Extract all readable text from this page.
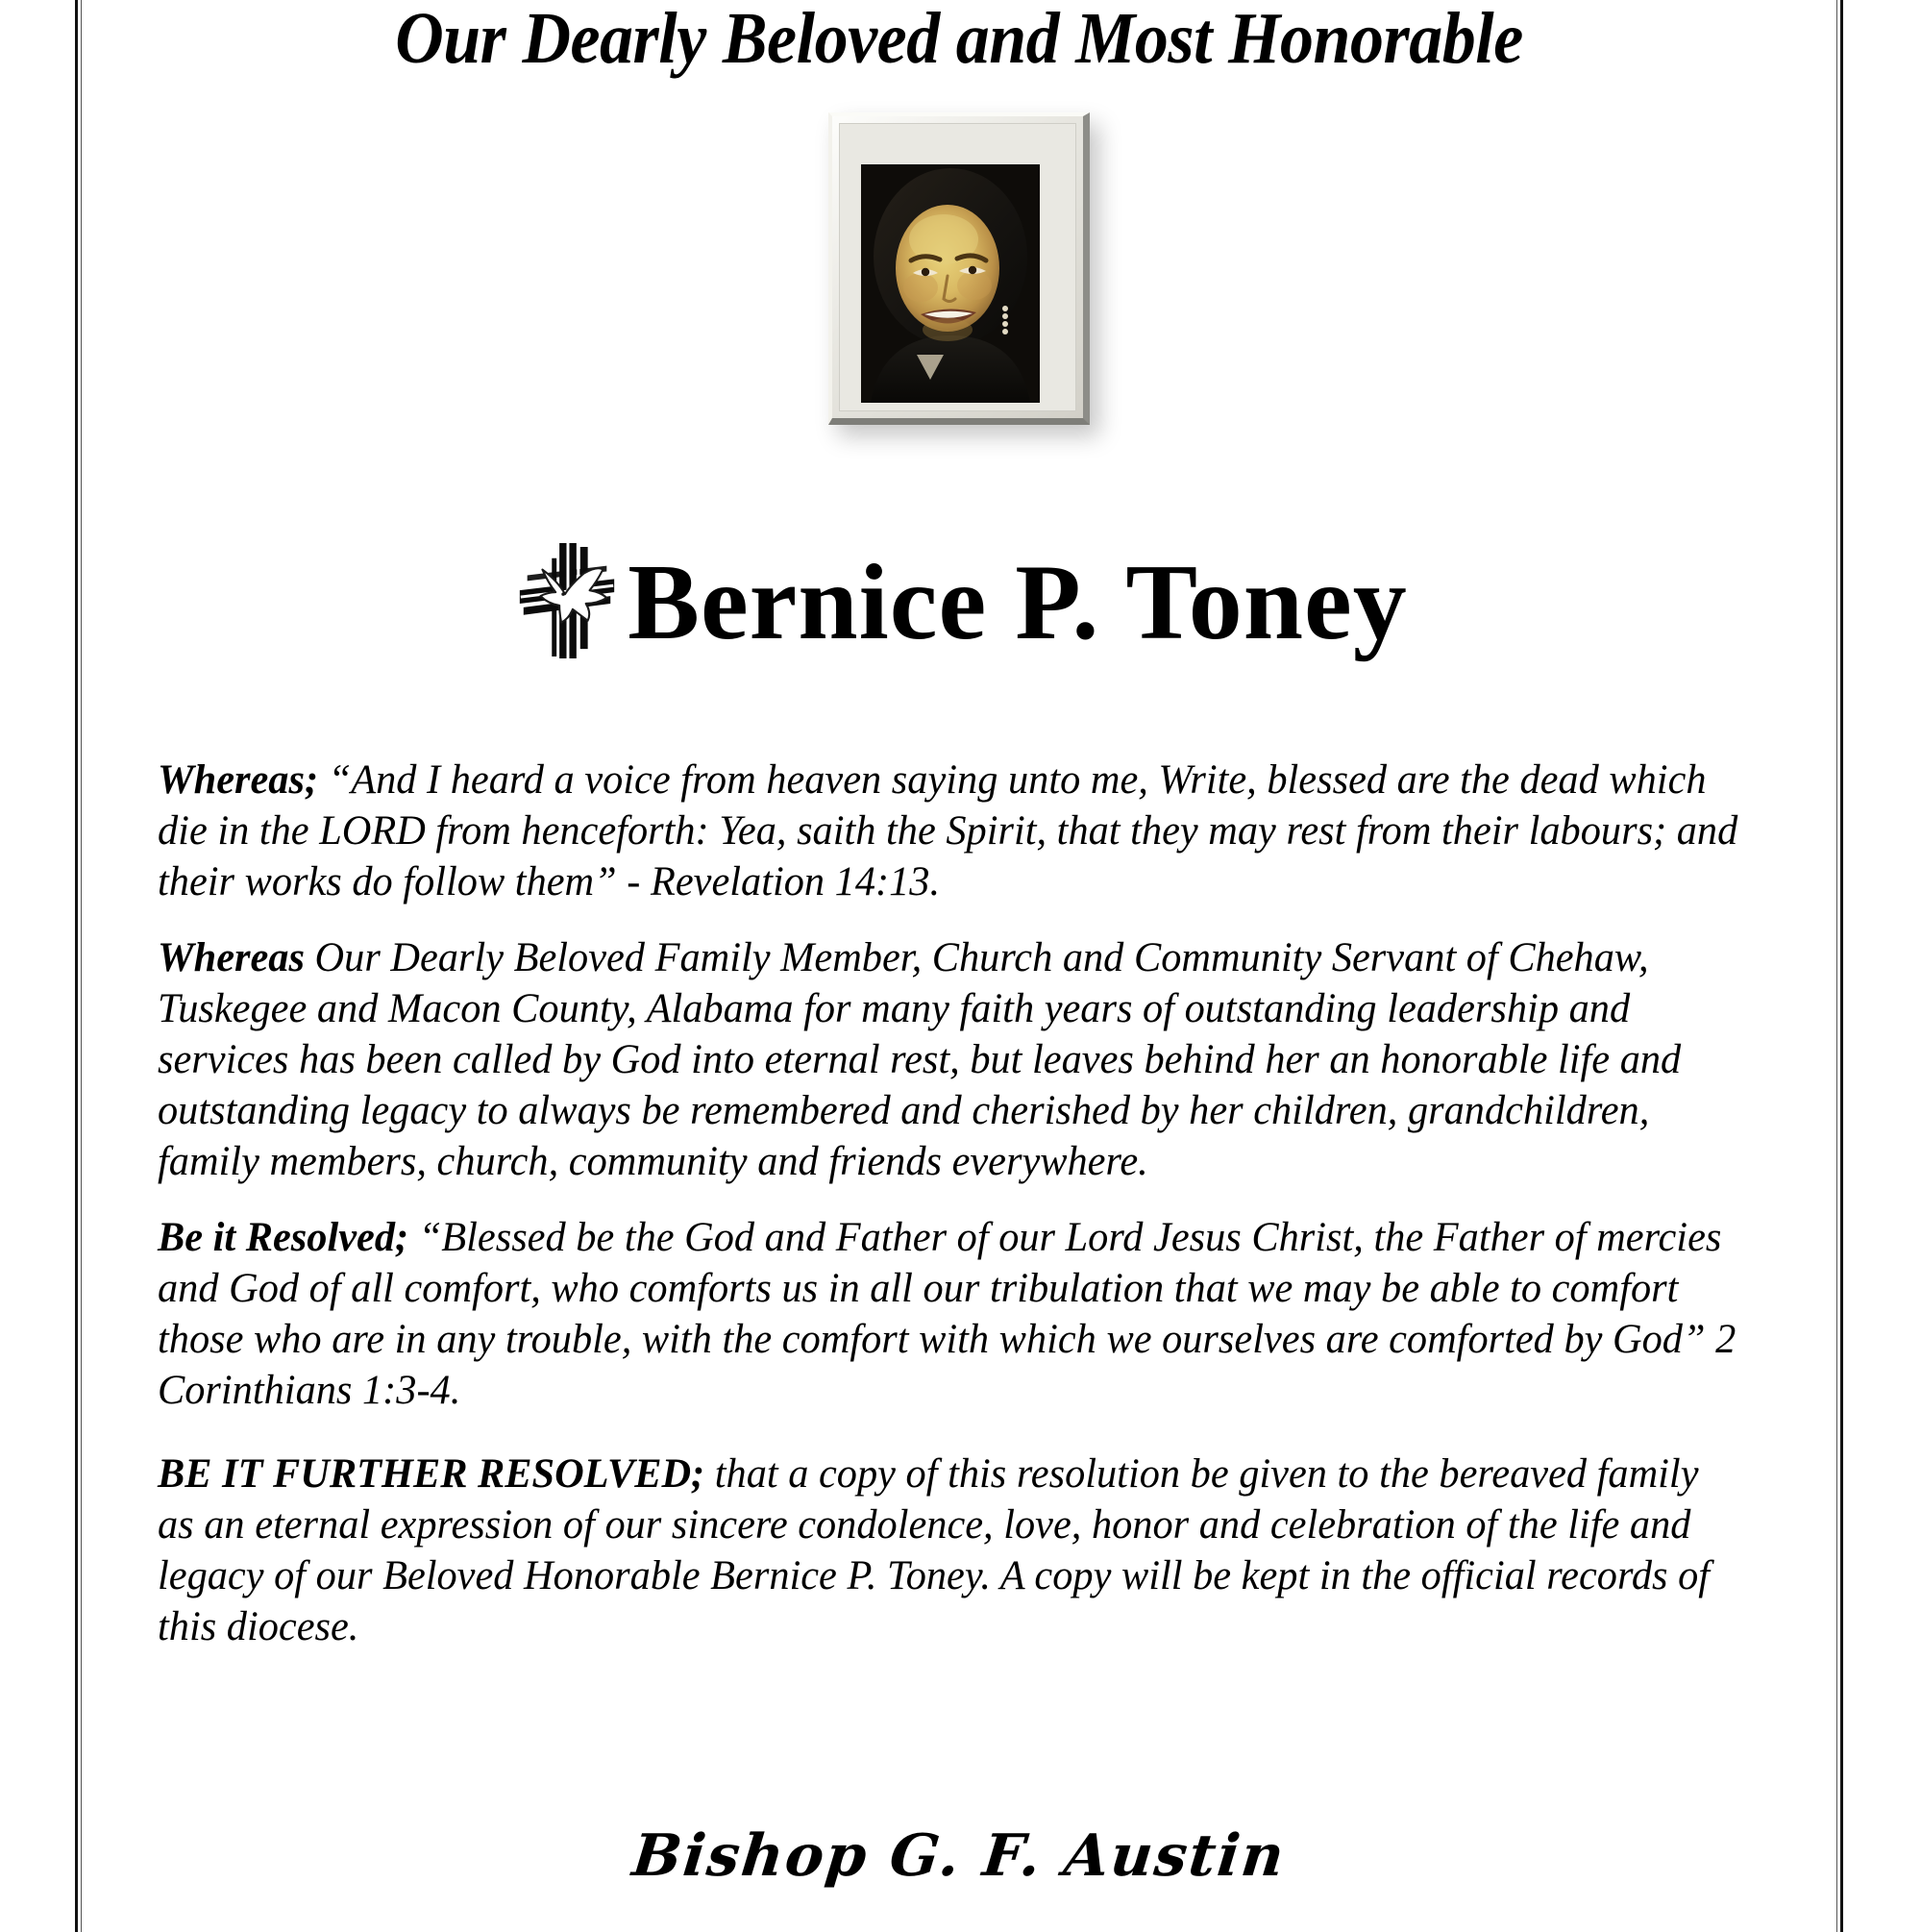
Our Dearly Beloved and Most Honorable
Bernice P. Toney

Whereas; “And I heard a voice from heaven saying unto me, Write, blessed are the dead which die in the LORD from henceforth: Yea, saith the Spirit, that they may rest from their labours; and their works do follow them” - Revelation 14:13.

Whereas Our Dearly Beloved Family Member, Church and Community Servant of Chehaw, Tuskegee and Macon County, Alabama for many faith years of outstanding leadership and services has been called by God into eternal rest, but leaves behind her an honorable life and outstanding legacy to always be remembered and cherished by her children, grandchildren, family members, church, community and friends everywhere.

Be it Resolved; “Blessed be the God and Father of our Lord Jesus Christ, the Father of mercies and God of all comfort, who comforts us in all our tribulation that we may be able to comfort those who are in any trouble, with the comfort with which we ourselves are comforted by God” 2 Corinthians 1:3-4.

BE IT FURTHER RESOLVED; that a copy of this resolution be given to the bereaved family as an eternal expression of our sincere condolence, love, honor and celebration of the life and legacy of our Beloved Honorable Bernice P. Toney. A copy will be kept in the official records of this diocese.

Bishop G. F. Austin
